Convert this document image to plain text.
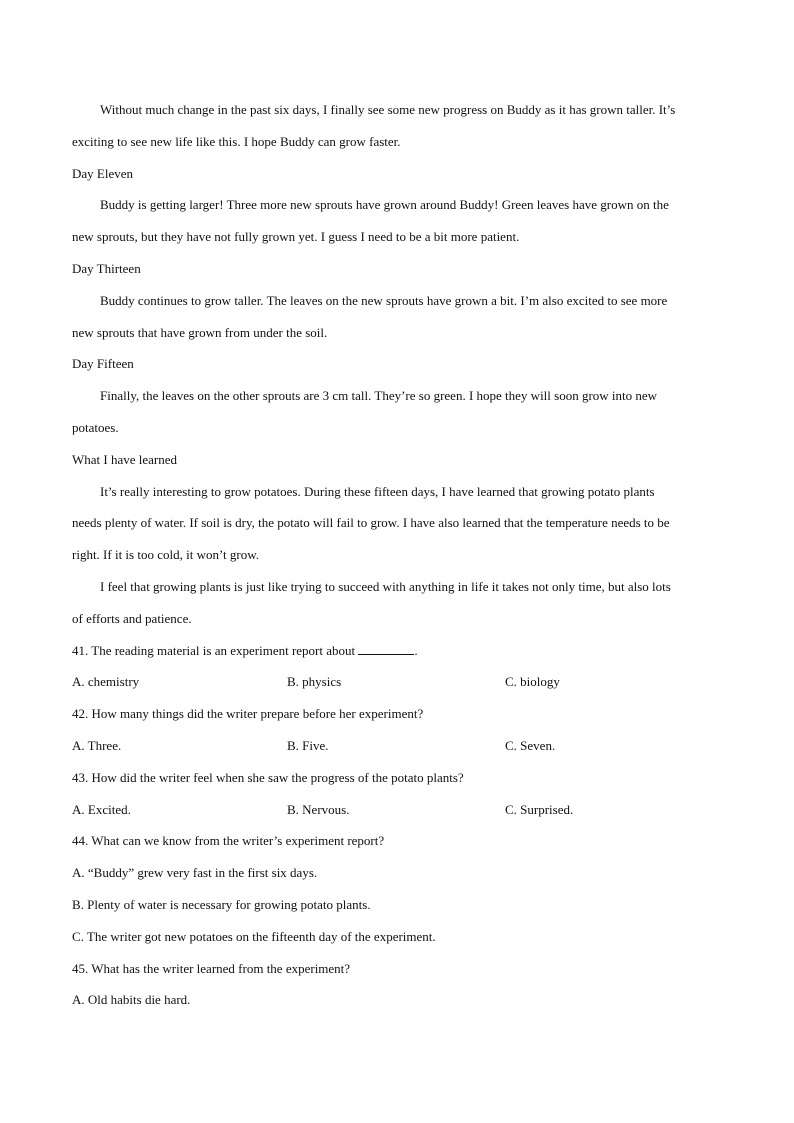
Without much change in the past six days, I finally see some new progress on Buddy as it has grown taller. It’s
exciting to see new life like this. I hope Buddy can grow faster.
Day Eleven
Buddy is getting larger! Three more new sprouts have grown around Buddy! Green leaves have grown on the
new sprouts, but they have not fully grown yet. I guess I need to be a bit more patient.
Day Thirteen
Buddy continues to grow taller. The leaves on the new sprouts have grown a bit. I’m also excited to see more
new sprouts that have grown from under the soil.
Day Fifteen
Finally, the leaves on the other sprouts are 3 cm tall. They’re so green. I hope they will soon grow into new
potatoes.
What I have learned
It’s really interesting to grow potatoes. During these fifteen days, I have learned that growing potato plants
needs plenty of water. If soil is dry, the potato will fail to grow. I have also learned that the temperature needs to be
right. If it is too cold, it won’t grow.
I feel that growing plants is just like trying to succeed with anything in life it takes not only time, but also lots
of efforts and patience.
41. The reading material is an experiment report about	.
A. chemistry	B. physics	C. biology
42. How many things did the writer prepare before her experiment?
A. Three.	B. Five.	C. Seven.
43. How did the writer feel when she saw the progress of the potato plants?
A. Excited.	B. Nervous.	C. Surprised.
44. What can we know from the writer’s experiment report?
A. “Buddy” grew very fast in the first six days.
B. Plenty of water is necessary for growing potato plants.
C. The writer got new potatoes on the fifteenth day of the experiment.
45. What has the writer learned from the experiment?
A. Old habits die hard.
